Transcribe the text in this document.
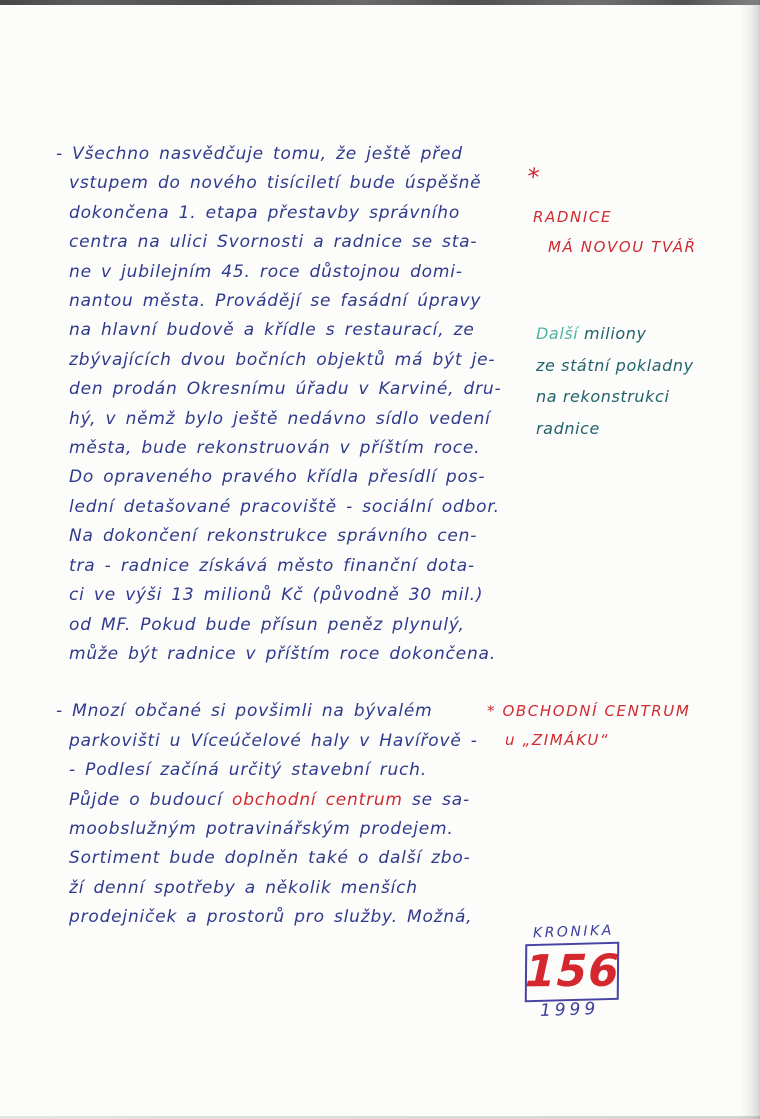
- Všechno nasvědčuje tomu, že ještě před
vstupem do nového tisíciletí bude úspěšně
dokončena 1. etapa přestavby správního
centra na ulici Svornosti a radnice se sta-
ne v jubilejním 45. roce důstojnou domi-
nantou města. Provádějí se fasádní úpravy
na hlavní budově a křídle s restaurací, ze
zbývajících dvou bočních objektů má být je-
den prodán Okresnímu úřadu v Karviné, dru-
hý, v němž bylo ještě nedávno sídlo vedení
města, bude rekonstruován v příštím roce.
Do opraveného pravého křídla přesídlí pos-
lední detašované pracoviště - sociální odbor.
Na dokončení rekonstrukce správního cen-
tra - radnice získává město finanční dota-
ci ve výši 13 milionů Kč (původně 30 mil.)
od MF. Pokud bude přísun peněz plynulý,
může být radnice v příštím roce dokončena.
- Mnozí občané si povšimli na bývalém
parkovišti u Víceúčelové haly v Havířově -
- Podlesí začíná určitý stavební ruch.
Půjde o budoucí obchodní centrum se sa-
moobslužným potravinářským prodejem.
Sortiment bude doplněn také o další zbo-
ží denní spotřeby a několik menších
prodejniček a prostorů pro služby. Možná,
*
RADNICE
MÁ NOVOU TVÁŘ
Další miliony
ze státní pokladny
na rekonstrukci
radnice
* OBCHODNÍ CENTRUM
u „ZIMÁKU“
KRONIKA
156
1999
